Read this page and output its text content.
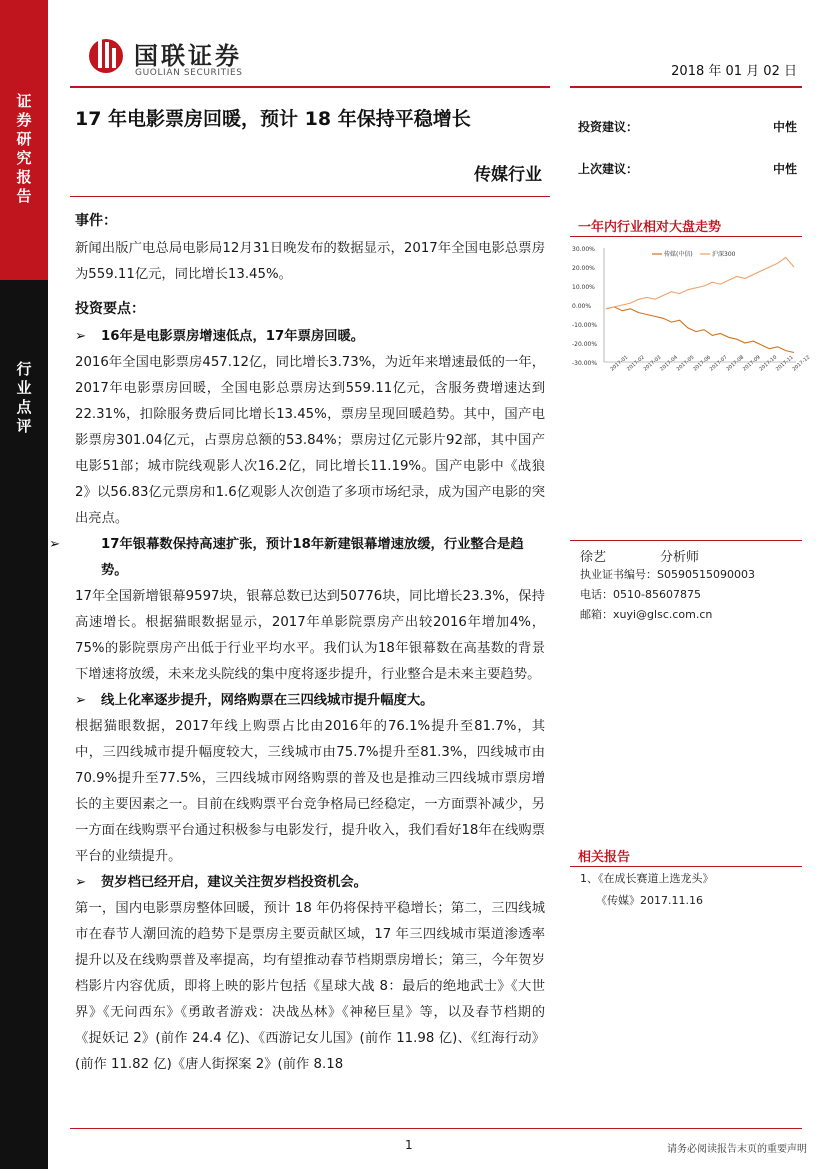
证
券
研
究
报
告
行
业
点
评
国联证券
GUOLIAN SECURITIES	2018 年 01 月 02 日
17 年电影票房回暖，预计 18 年保持平稳增长
传媒行业
投资建议：	中性
上次建议：	中性
事件：

新闻出版广电总局电影局12月31日晚发布的数据显示，2017年全国电影总票房为559.11亿元，同比增长13.45%。

投资要点：
➢ 16年是电影票房增速低点，17年票房回暖。

2016年全国电影票房457.12亿，同比增长3.73%，为近年来增速最低的一年，2017年电影票房回暖，全国电影总票房达到559.11亿元，含服务费增速达到22.31%，扣除服务费后同比增长13.45%，票房呈现回暖趋势。其中，国产电影票房301.04亿元，占票房总额的53.84%；票房过亿元影片92部，其中国产电影51部；城市院线观影人次16.2亿，同比增长11.19%。国产电影中《战狼2》以56.83亿元票房和1.6亿观影人次创造了多项市场纪录，成为国产电影的突出亮点。

➢	17年银幕数保持高速扩张，预计18年新建银幕增速放缓，行业整合是趋势。

17年全国新增银幕9597块，银幕总数已达到50776块，同比增长23.3%，保持高速增长。根据猫眼数据显示，2017年单影院票房产出较2016年增加4%，75%的影院票房产出低于行业平均水平。我们认为18年银幕数在高基数的背景下增速将放缓，未来龙头院线的集中度将逐步提升，行业整合是未来主要趋势。

➢ 线上化率逐步提升，网络购票在三四线城市提升幅度大。

根据猫眼数据，2017年线上购票占比由2016年的76.1%提升至81.7%，其中，三四线城市提升幅度较大，三线城市由75.7%提升至81.3%，四线城市由70.9%提升至77.5%，三四线城市网络购票的普及也是推动三四线城市票房增长的主要因素之一。目前在线购票平台竞争格局已经稳定，一方面票补减少，另一方面在线购票平台通过积极参与电影发行，提升收入，我们看好18年在线购票平台的业绩提升。

➢ 贺岁档已经开启，建议关注贺岁档投资机会。

第一，国内电影票房整体回暖，预计 18 年仍将保持平稳增长；第二，三四线城市在春节人潮回流的趋势下是票房主要贡献区域，17 年三四线城市渠道渗透率提升以及在线购票普及率提高，均有望推动春节档期票房增长；第三，今年贺岁档影片内容优质，即将上映的影片包括《星球大战 8：最后的绝地武士》《大世界》《无问西东》《勇敢者游戏：决战丛林》《神秘巨星》等，以及春节档期的《捉妖记 2》(前作 24.4 亿)、《西游记女儿国》(前作 11.98 亿)、《红海行动》(前作 11.82 亿)《唐人街探案 2》(前作 8.18

一年内行业相对大盘走势
30.00%
20.00%
10.00%
0.00%
-10.00%
-20.00%
-30.00% 2017-01
2017-02
2017-03
2017-04
2017-05
2017-06
2017-07
2017-08
2017-09
2017-10
2017-11
2017-12
传媒(中信)	沪深300
徐艺	分析师
执业证书编号：S0590515090003
电话：0510-85607875
邮箱：xuyi@glsc.com.cn
相关报告
1、《在成长赛道上选龙头》
《传媒》2017.11.16
1	请务必阅读报告末页的重要声明
